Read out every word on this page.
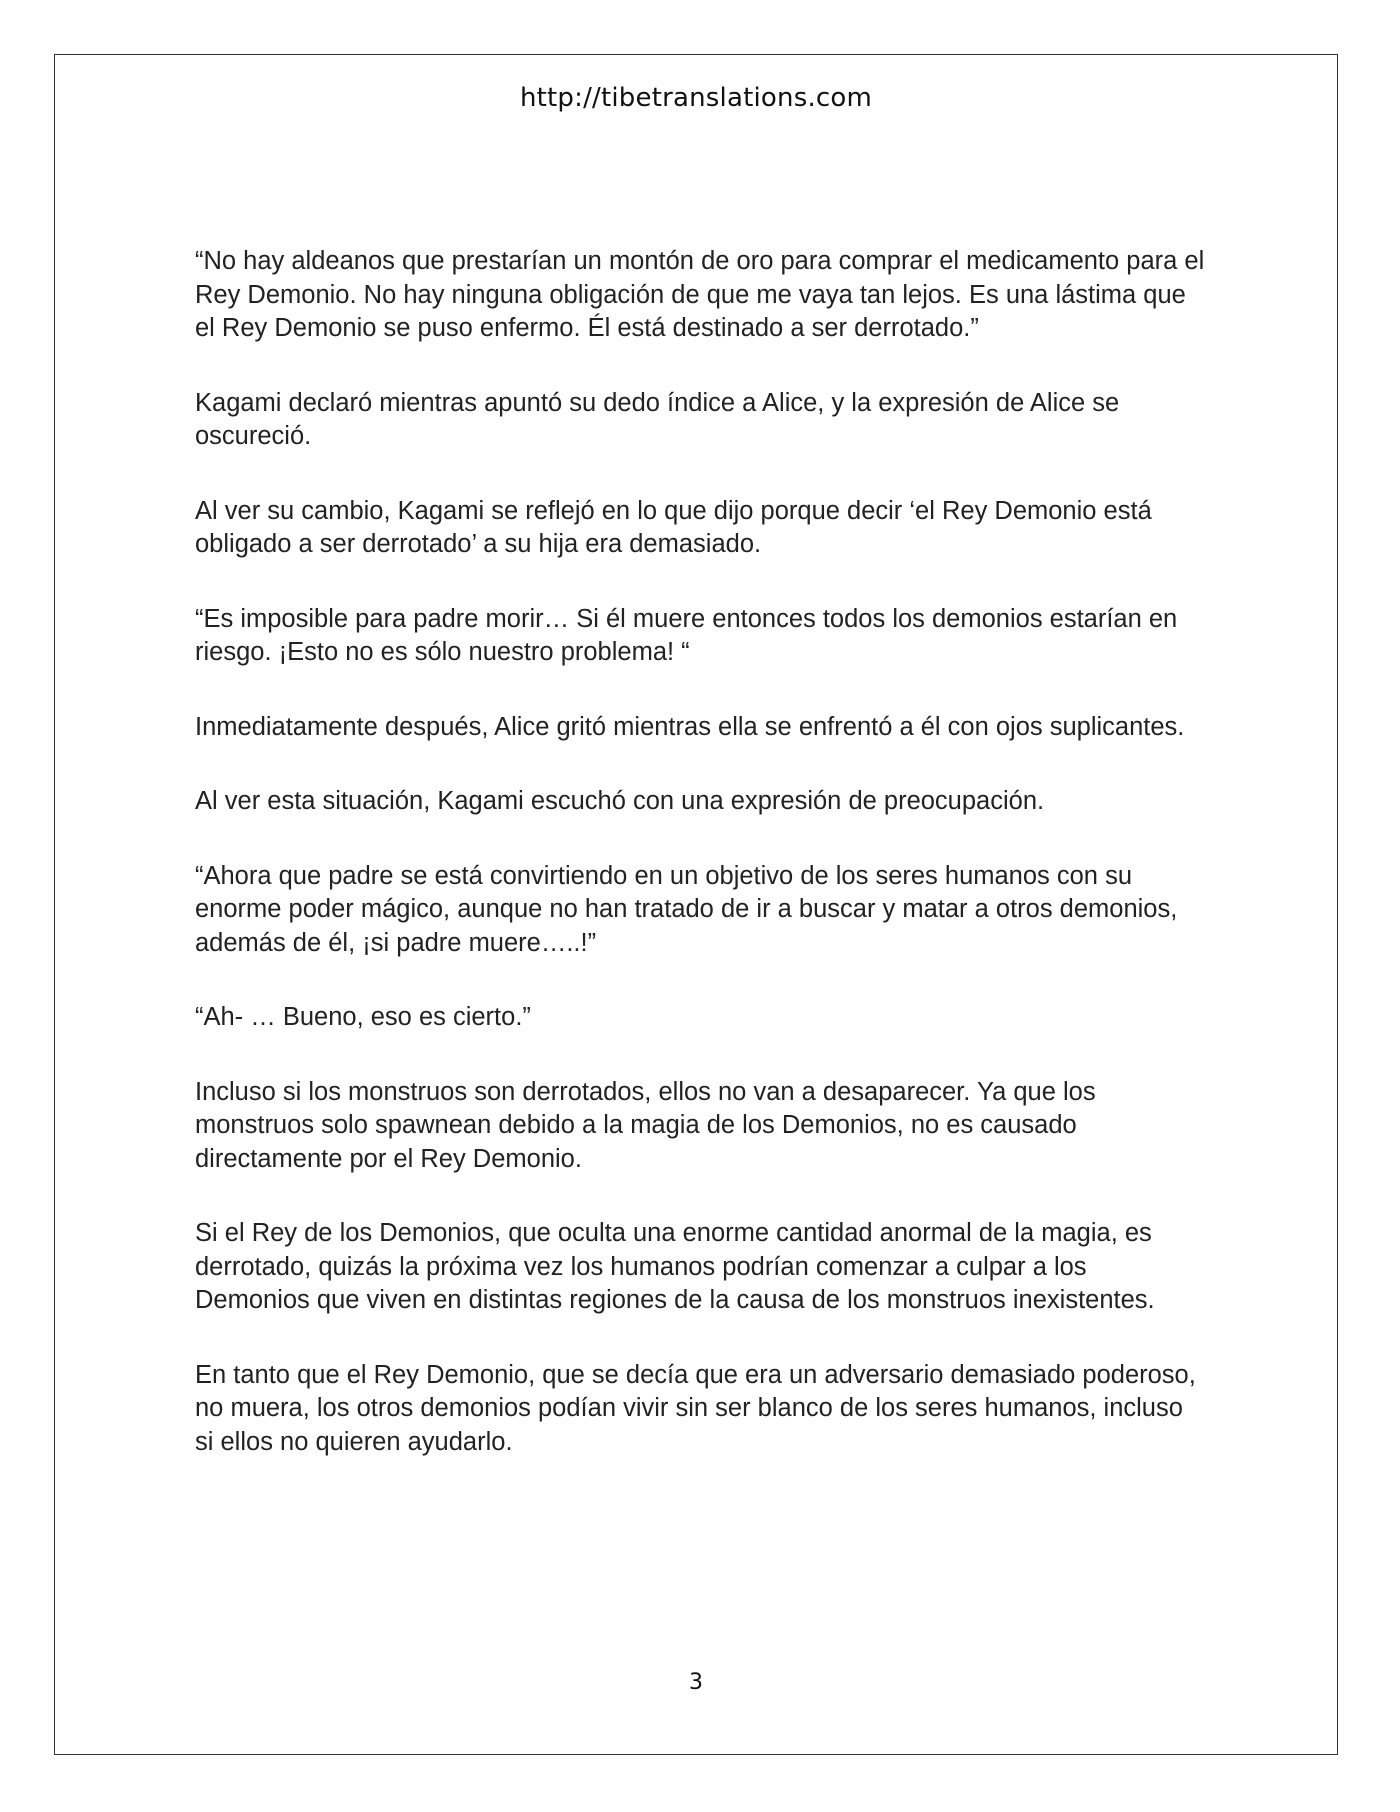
http://tibetranslations.com

“No hay aldeanos que prestarían un montón de oro para comprar el medicamento para el Rey Demonio. No hay ninguna obligación de que me vaya tan lejos. Es una lástima que el Rey Demonio se puso enfermo. Él está destinado a ser derrotado.”

Kagami declaró mientras apuntó su dedo índice a Alice, y la expresión de Alice se oscureció.

Al ver su cambio, Kagami se reflejó en lo que dijo porque decir ‘el Rey Demonio está obligado a ser derrotado’ a su hija era demasiado.

“Es imposible para padre morir… Si él muere entonces todos los demonios estarían en riesgo. ¡Esto no es sólo nuestro problema! “

Inmediatamente después, Alice gritó mientras ella se enfrentó a él con ojos suplicantes.

Al ver esta situación, Kagami escuchó con una expresión de preocupación.

“Ahora que padre se está convirtiendo en un objetivo de los seres humanos con su enorme poder mágico, aunque no han tratado de ir a buscar y matar a otros demonios, además de él, ¡si padre muere…..!”

“Ah- … Bueno, eso es cierto.”

Incluso si los monstruos son derrotados, ellos no van a desaparecer. Ya que los monstruos solo spawnean debido a la magia de los Demonios, no es causado directamente por el Rey Demonio.

Si el Rey de los Demonios, que oculta una enorme cantidad anormal de la magia, es derrotado, quizás la próxima vez los humanos podrían comenzar a culpar a los Demonios que viven en distintas regiones de la causa de los monstruos inexistentes.

En tanto que el Rey Demonio, que se decía que era un adversario demasiado poderoso, no muera, los otros demonios podían vivir sin ser blanco de los seres humanos, incluso si ellos no quieren ayudarlo.

3
